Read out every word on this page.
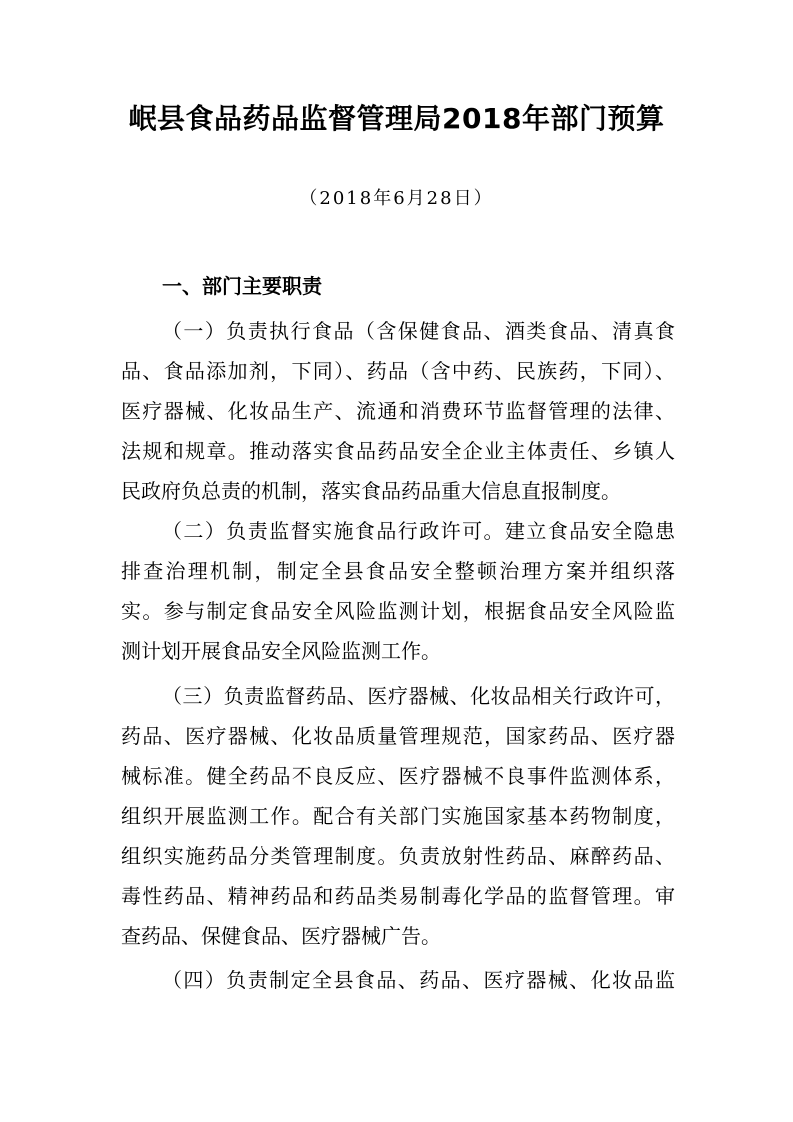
岷县食品药品监督管理局2018年部门预算
（2018年6月28日）
一、部门主要职责
（一）负责执行食品（含保健食品、酒类食品、清真食
品、食品添加剂，下同）、药品（含中药、民族药，下同）、
医疗器械、化妆品生产、流通和消费环节监督管理的法律、
法规和规章。推动落实食品药品安全企业主体责任、乡镇人
民政府负总责的机制，落实食品药品重大信息直报制度。
（二）负责监督实施食品行政许可。建立食品安全隐患
排查治理机制，制定全县食品安全整顿治理方案并组织落
实。参与制定食品安全风险监测计划，根据食品安全风险监
测计划开展食品安全风险监测工作。
（三）负责监督药品、医疗器械、化妆品相关行政许可，
药品、医疗器械、化妆品质量管理规范，国家药品、医疗器
械标准。健全药品不良反应、医疗器械不良事件监测体系，
组织开展监测工作。配合有关部门实施国家基本药物制度，
组织实施药品分类管理制度。负责放射性药品、麻醉药品、
毒性药品、精神药品和药品类易制毒化学品的监督管理。审
查药品、保健食品、医疗器械广告。
（四）负责制定全县食品、药品、医疗器械、化妆品监
